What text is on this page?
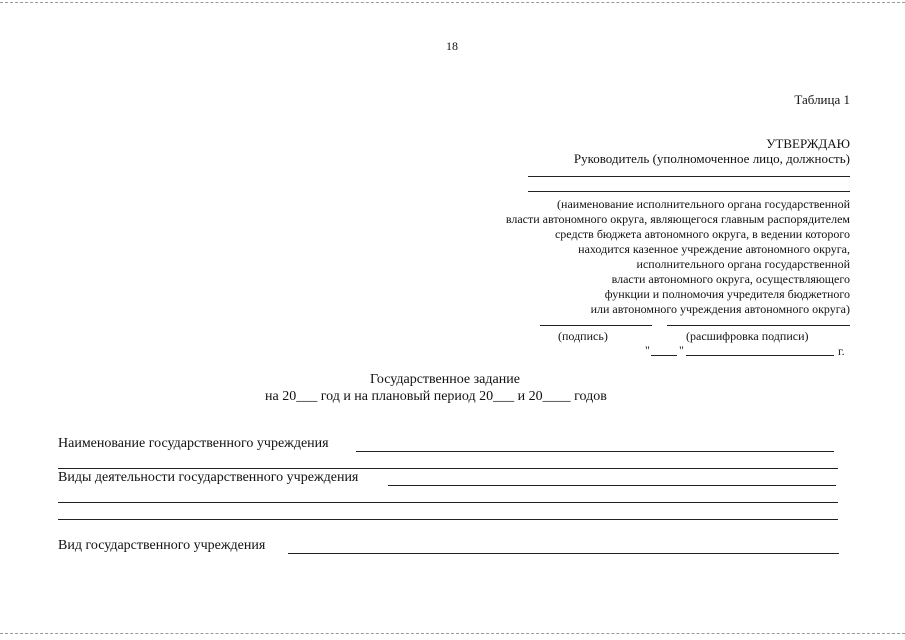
18
Таблица 1
УТВЕРЖДАЮ
Руководитель (уполномоченное лицо, должность)
(наименование исполнительного органа государственной
власти автономного округа, являющегося главным распорядителем
средств бюджета автономного округа, в ведении которого
находится казенное учреждение автономного округа,
исполнительного органа государственной
власти автономного округа, осуществляющего
функции и полномочия учредителя бюджетного
или автономного учреждения автономного округа)
(подпись)	(расшифровка подписи)
" "	г.
Государственное задание
на 20___ год и на плановый период 20___ и 20____ годов
Наименование государственного учреждения
Виды деятельности государственного учреждения
Вид государственного учреждения
